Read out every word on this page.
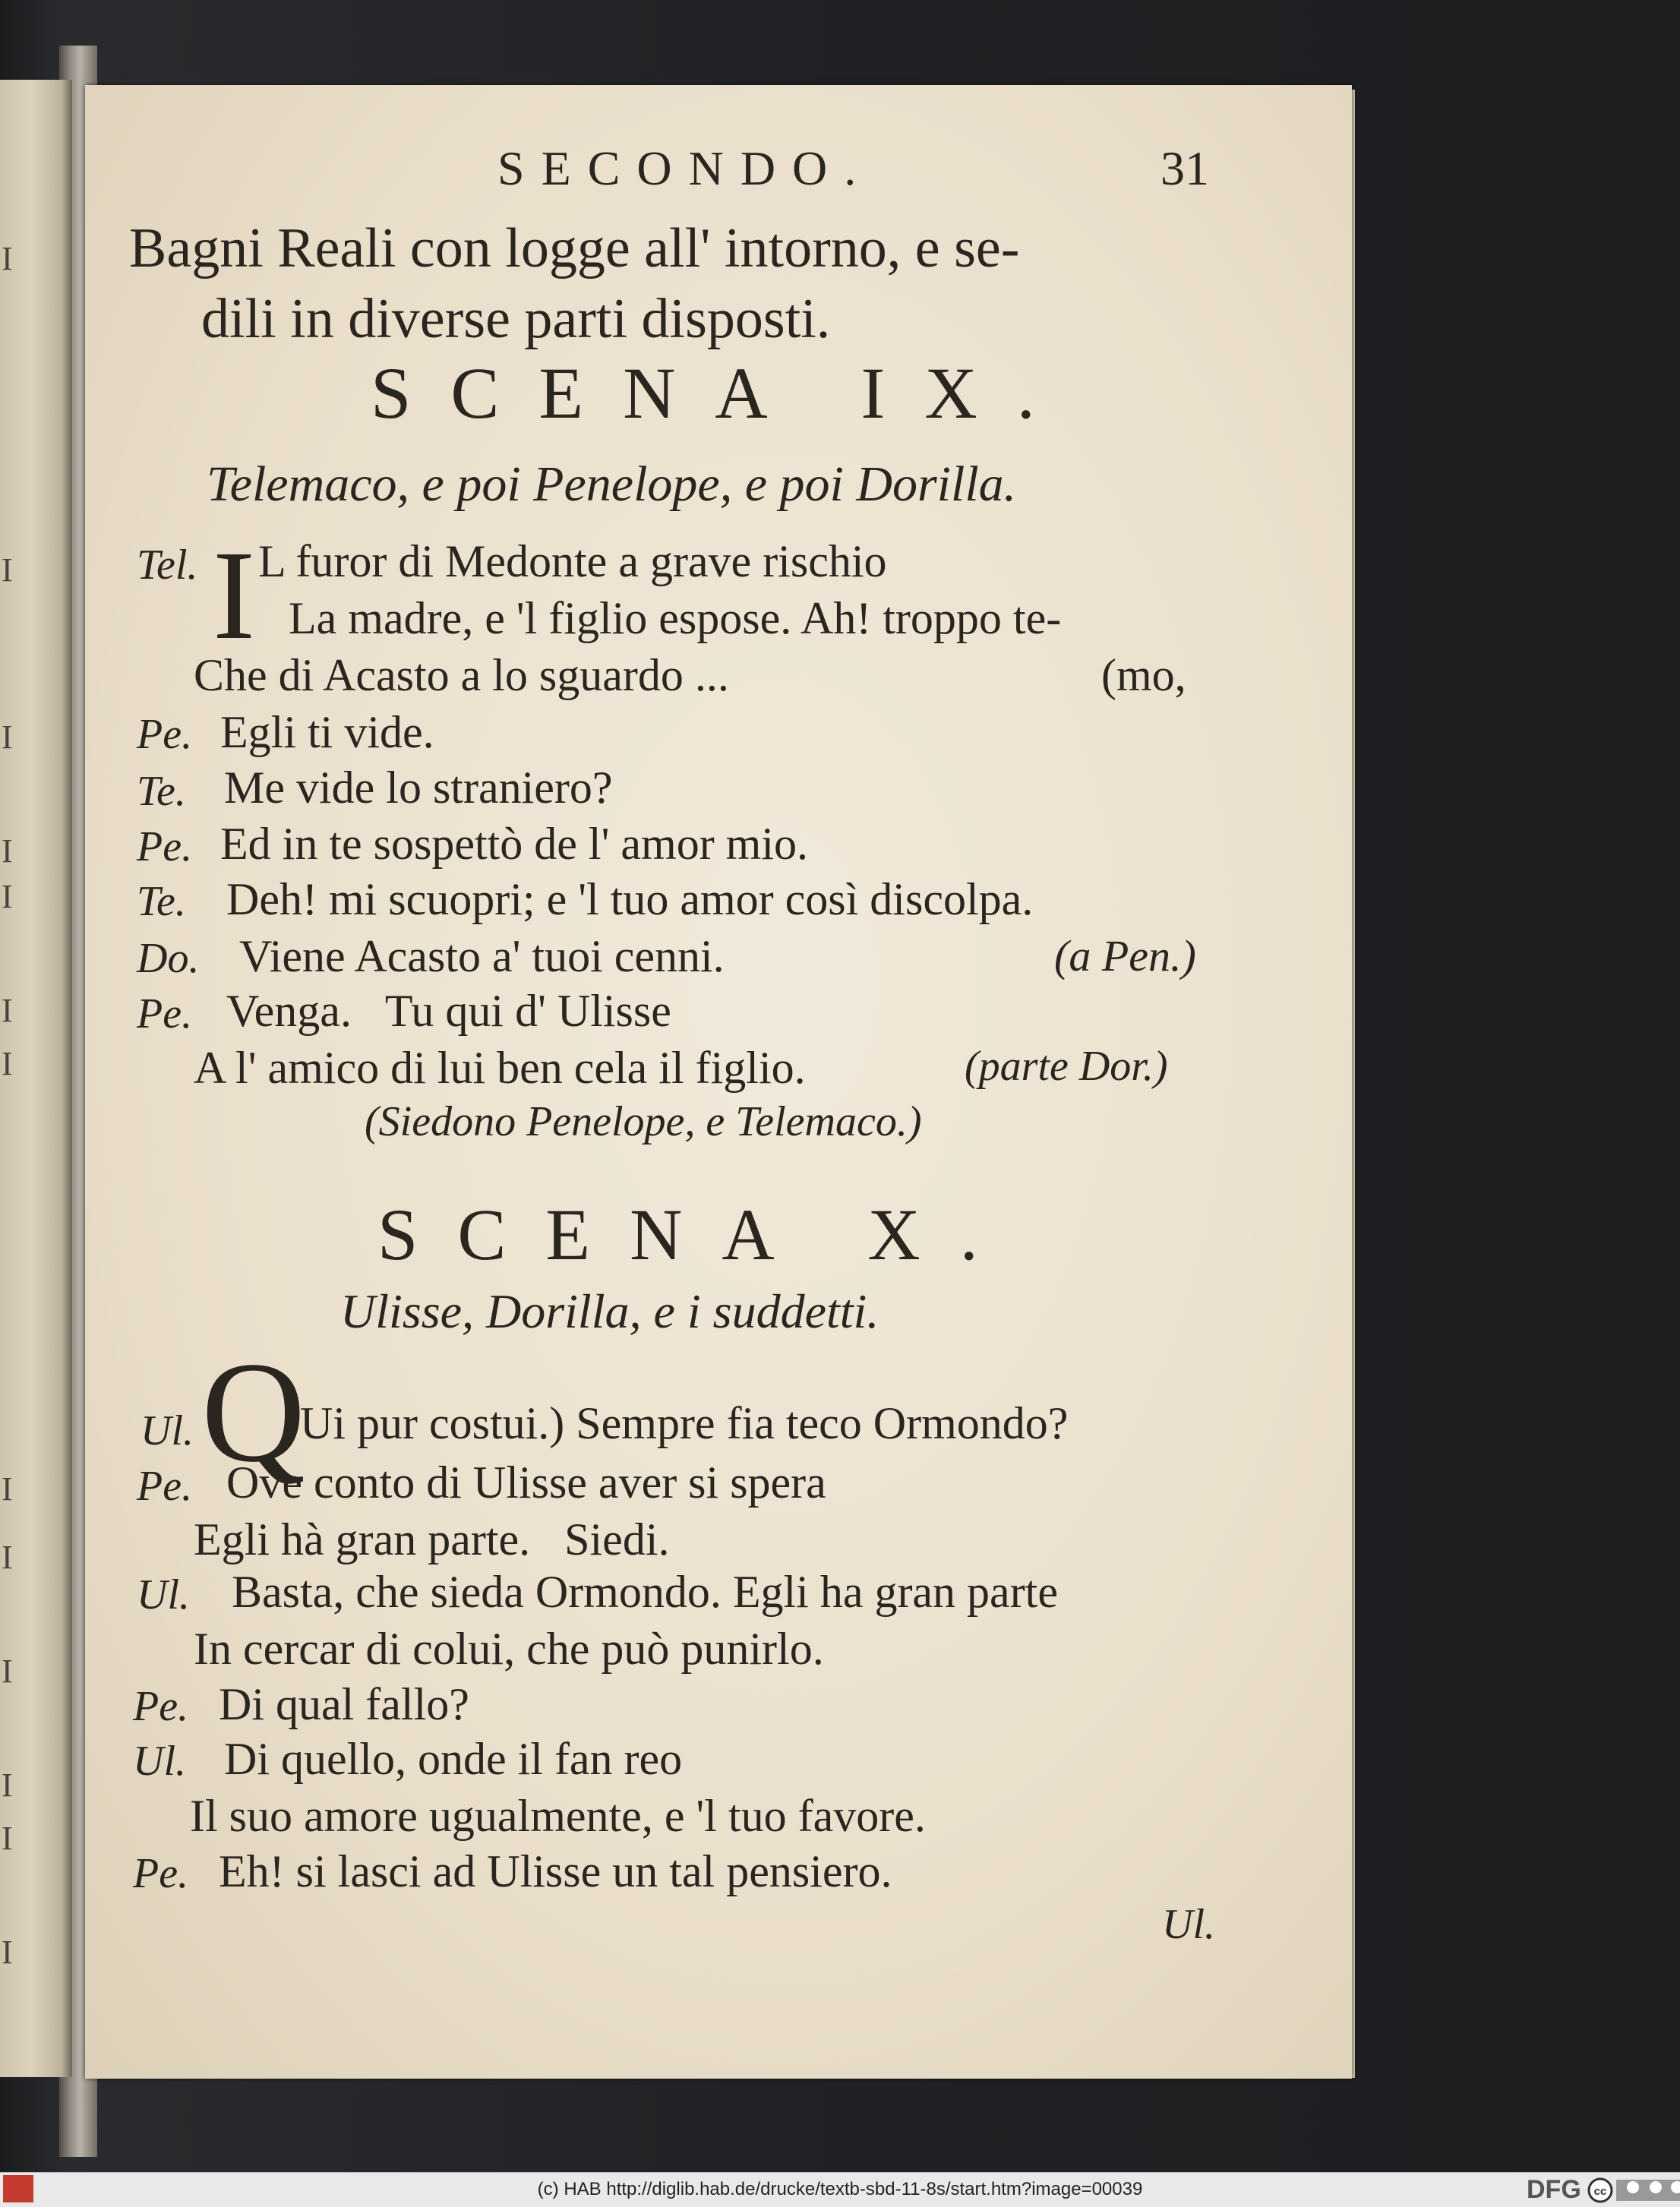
I
I
I
I
I
I
I
I
I
I
I
I
I
SECONDO.	31
Bagni Reali con logge all' intorno, e se-
dili in diverse parti disposti.
SCENA IX.
Telemaco, e poi Penelope, e poi Dorilla.
Tel. I L furor di Medonte a grave rischio
La madre, e 'l figlio espose. Ah! troppo te-
Che di Acasto a lo sguardo ...	(mo,
Pe. Egli ti vide.
Te. Me vide lo straniero?
Pe. Ed in te sospettò de l' amor mio.
Te. Deh! mi scuopri; e 'l tuo amor così discolpa.
Do. Viene Acasto a' tuoi cenni.	(a Pen.)
Pe. Venga.   Tu qui d' Ulisse
A l' amico di lui ben cela il figlio.	(parte Dor.)
(Siedono Penelope, e Telemaco.)
SCENA X.
Ulisse, Dorilla, e i suddetti.
Ul. Q
Ui pur costui.) Sempre fia teco Ormondo?
Pe. Ove conto di Ulisse aver si spera
Egli hà gran parte.   Siedi.
Ul. Basta, che sieda Ormondo. Egli ha gran parte
In cercar di colui, che può punirlo.
Pe. Di qual fallo?
Ul. Di quello, onde il fan reo
Il suo amore ugualmente, e 'l tuo favore.
Pe. Eh! si lasci ad Ulisse un tal pensiero.
Ul.
(c) HAB http://diglib.hab.de/drucke/textb-sbd-11-8s/start.htm?image=00039	DFG cc
